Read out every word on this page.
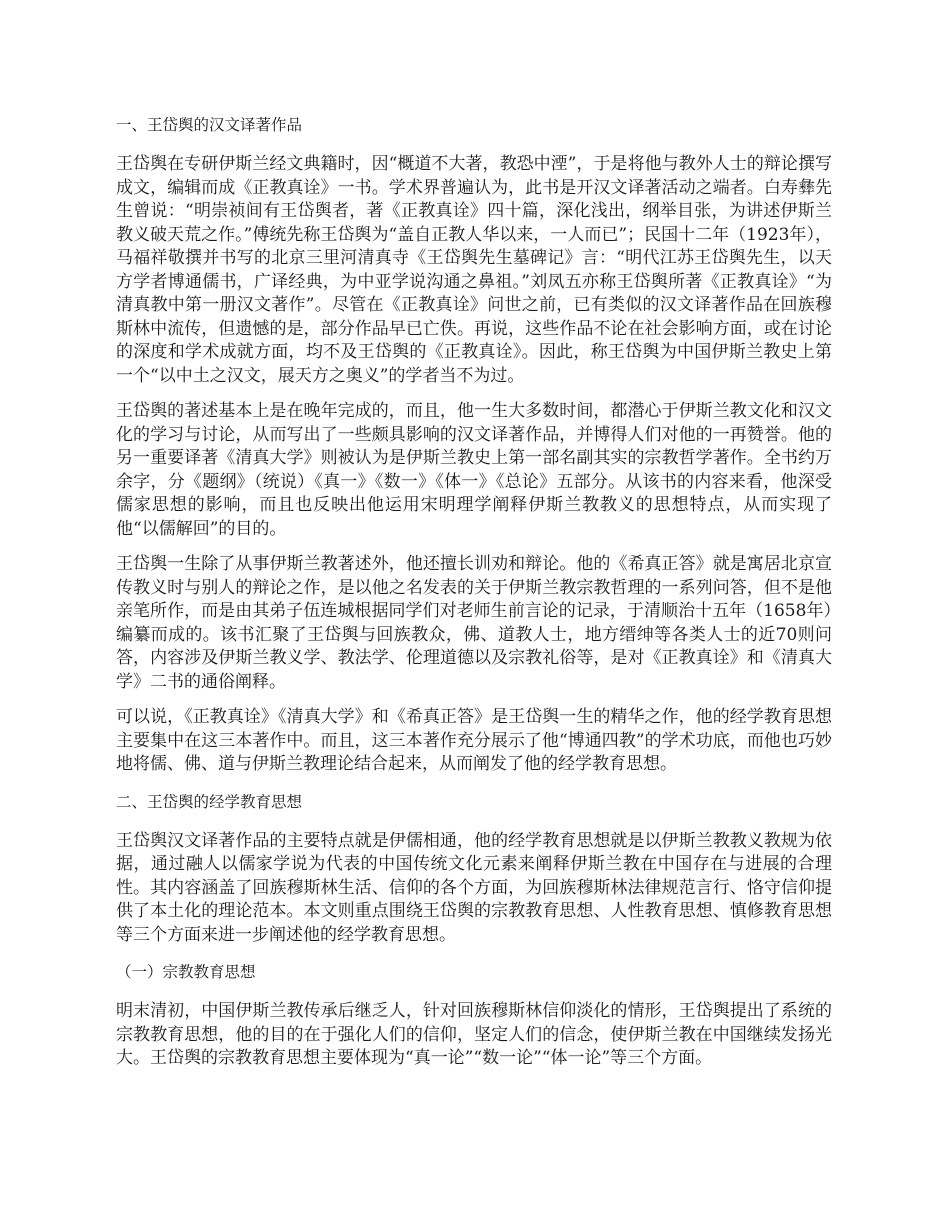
一、王岱舆的汉文译著作品

王岱舆在专研伊斯兰经文典籍时，因“概道不大著，教恐中湮”，于是将他与教外人士的辩论撰写成文，编辑而成《正教真诠》一书。学术界普遍认为，此书是开汉文译著活动之端者。白寿彝先生曾说：“明崇祯间有王岱舆者，著《正教真诠》四十篇，深化浅出，纲举目张，为讲述伊斯兰教义破天荒之作。”傅统先称王岱舆为“盖自正教人华以来，一人而已”；民国十二年（1923年），马福祥敬撰并书写的北京三里河清真寺《王岱舆先生墓碑记》言：“明代江苏王岱舆先生，以天方学者博通儒书，广译经典，为中亚学说沟通之鼻祖。”刘凤五亦称王岱舆所著《正教真诠》“为清真教中第一册汉文著作”。尽管在《正教真诠》问世之前，已有类似的汉文译著作品在回族穆斯林中流传，但遗憾的是，部分作品早已亡佚。再说，这些作品不论在社会影响方面，或在讨论的深度和学术成就方面，均不及王岱舆的《正教真诠》。因此，称王岱舆为中国伊斯兰教史上第一个“以中土之汉文，展天方之奥义”的学者当不为过。

王岱舆的著述基本上是在晚年完成的，而且，他一生大多数时间，都潜心于伊斯兰教文化和汉文化的学习与讨论，从而写出了一些颇具影响的汉文译著作品，并博得人们对他的一再赞誉。他的另一重要译著《清真大学》则被认为是伊斯兰教史上第一部名副其实的宗教哲学著作。全书约万余字，分《题纲》（统说）《真一》《数一》《体一》《总论》五部分。从该书的内容来看，他深受儒家思想的影响，而且也反映出他运用宋明理学阐释伊斯兰教教义的思想特点，从而实现了他“以儒解回”的目的。

王岱舆一生除了从事伊斯兰教著述外，他还擅长训劝和辩论。他的《希真正答》就是寓居北京宣传教义时与别人的辩论之作，是以他之名发表的关于伊斯兰教宗教哲理的一系列问答，但不是他亲笔所作，而是由其弟子伍连城根据同学们对老师生前言论的记录，于清顺治十五年（1658年）编纂而成的。该书汇聚了王岱舆与回族教众，佛、道教人士，地方缙绅等各类人士的近70则问答，内容涉及伊斯兰教义学、教法学、伦理道德以及宗教礼俗等，是对《正教真诠》和《清真大学》二书的通俗阐释。

可以说，《正教真诠》《清真大学》和《希真正答》是王岱舆一生的精华之作，他的经学教育思想主要集中在这三本著作中。而且，这三本著作充分展示了他“博通四教”的学术功底，而他也巧妙地将儒、佛、道与伊斯兰教理论结合起来，从而阐发了他的经学教育思想。

二、王岱舆的经学教育思想

王岱舆汉文译著作品的主要特点就是伊儒相通，他的经学教育思想就是以伊斯兰教教义教规为依据，通过融人以儒家学说为代表的中国传统文化元素来阐释伊斯兰教在中国存在与进展的合理性。其内容涵盖了回族穆斯林生活、信仰的各个方面，为回族穆斯林法律规范言行、恪守信仰提供了本土化的理论范本。本文则重点围绕王岱舆的宗教教育思想、人性教育思想、慎修教育思想等三个方面来进一步阐述他的经学教育思想。

（一）宗教教育思想

明末清初，中国伊斯兰教传承后继乏人，针对回族穆斯林信仰淡化的情形，王岱舆提出了系统的宗教教育思想，他的目的在于强化人们的信仰，坚定人们的信念，使伊斯兰教在中国继续发扬光大。王岱舆的宗教教育思想主要体现为“真一论”“数一论”“体一论”等三个方面。
